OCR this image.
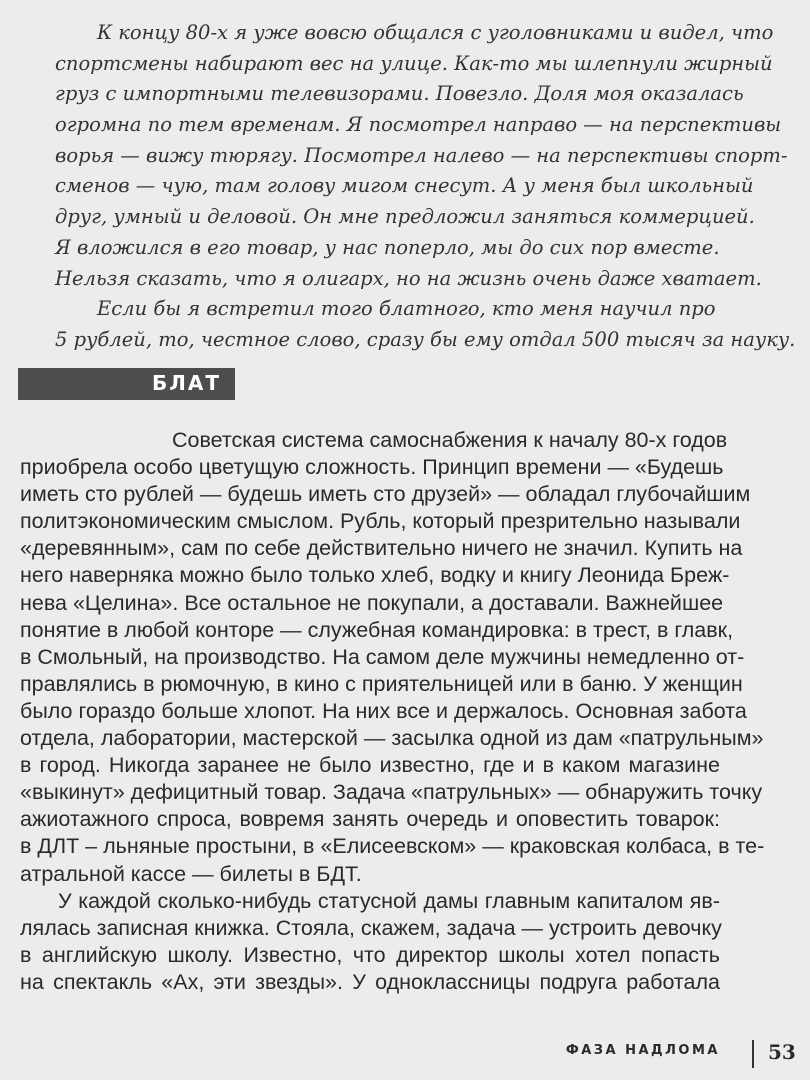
К концу 80-х я уже вовсю общался с уголовниками и видел, что
спортсмены набирают вес на улице. Как-то мы шлепнули жирный
груз с импортными телевизорами. Повезло. Доля моя оказалась
огромна по тем временам. Я посмотрел направо — на перспективы
ворья — вижу тюрягу. Посмотрел налево — на перспективы спорт-
сменов — чую, там голову мигом снесут. А у меня был школьный
друг, умный и деловой. Он мне предложил заняться коммерцией.
Я вложился в его товар, у нас поперло, мы до сих пор вместе.
Нельзя сказать, что я олигарх, но на жизнь очень даже хватает.
Если бы я встретил того блатного, кто меня научил про
5 рублей, то, честное слово, сразу бы ему отдал 500 тысяч за науку.
БЛАТ
Советская система самоснабжения к началу 80-х годов
приобрела особо цветущую сложность. Принцип времени — «Будешь
иметь сто рублей — будешь иметь сто друзей» — обладал глубочайшим
политэкономическим смыслом. Рубль, который презрительно называли
«деревянным», сам по себе действительно ничего не значил. Купить на
него наверняка можно было только хлеб, водку и книгу Леонида Бреж-
нева «Целина». Все остальное не покупали, а доставали. Важнейшее
понятие в любой конторе — служебная командировка: в трест, в главк,
в Смольный, на производство. На самом деле мужчины немедленно от-
правлялись в рюмочную, в кино с приятельницей или в баню. У женщин
было гораздо больше хлопот. На них все и держалось. Основная забота
отдела, лаборатории, мастерской — засылка одной из дам «патрульным»
в город. Никогда заранее не было известно, где и в каком магазине
«выкинут» дефицитный товар. Задача «патрульных» — обнаружить точку
ажиотажного спроса, вовремя занять очередь и оповестить товарок:
в ДЛТ – льняные простыни, в «Елисеевском» — краковская колбаса, в те-
атральной кассе — билеты в БДТ.
У каждой сколько-нибудь статусной дамы главным капиталом яв-
лялась записная книжка. Стояла, скажем, задача — устроить девочку
в английскую школу. Известно, что директор школы хотел попасть
на спектакль «Ах, эти звезды». У одноклассницы подруга работала
ФАЗА НАДЛОМА 53
